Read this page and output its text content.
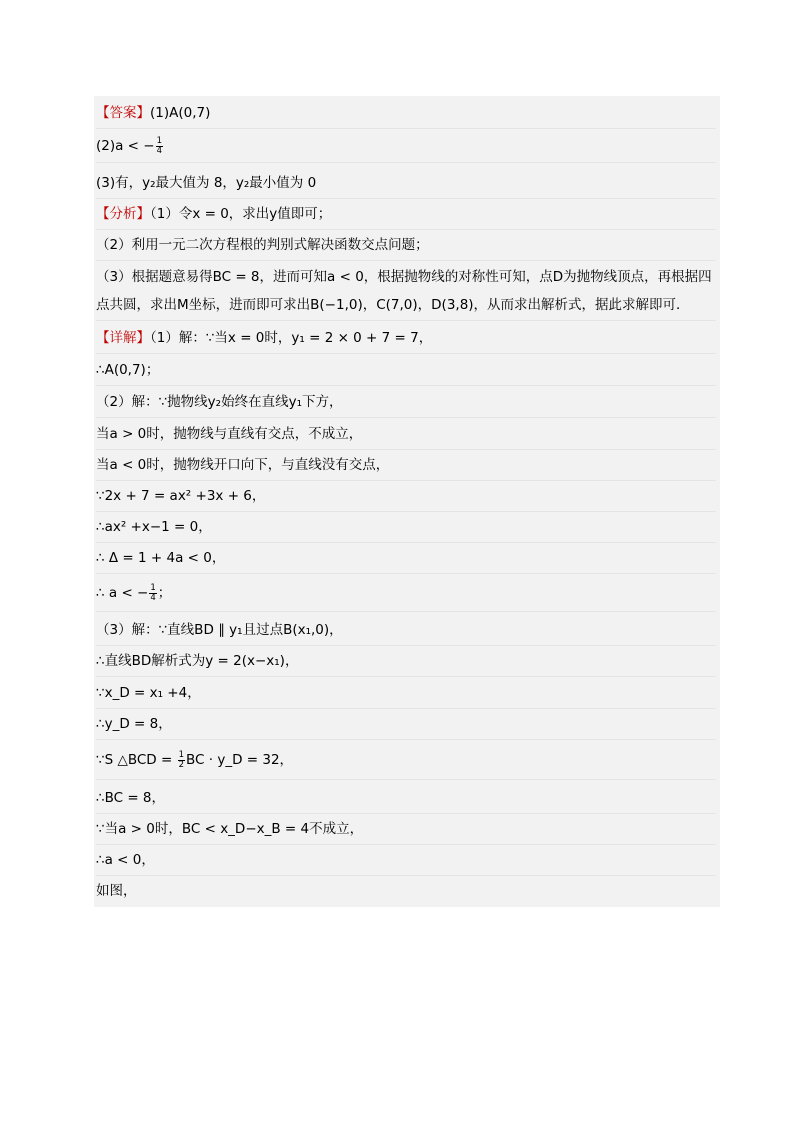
【答案】(1)A(0,7)
(2)a < − $\frac{1}{4}$
(3)有，y₂最大值为 8，y₂最小值为 0
【分析】（1）令x = 0，求出y值即可；
（2）利用一元二次方程根的判别式解决函数交点问题；
（3）根据题意易得BC = 8，进而可知a < 0，根据抛物线的对称性可知，点D为抛物线顶点，再根据四
点共圆，求出M坐标，进而即可求出B(−1,0)，C(7,0)，D(3,8)，从而求出解析式，据此求解即可．
【详解】（1）解：∵当x = 0时，y₁ = 2 × 0 + 7 = 7，
∴A(0,7)；
（2）解：∵抛物线y₂始终在直线y₁下方，
当a > 0时，抛物线与直线有交点，不成立，
当a < 0时，抛物线开口向下，与直线没有交点，
∵2x + 7 = ax² +3x + 6，
∴ax² +x−1 = 0，
∴ Δ = 1 + 4a < 0，
∴ a < − $\frac{1}{4}$ ；
（3）解：∵直线BD ∥ y₁且过点B(x₁,0)，
∴直线BD解析式为y = 2(x−x₁)，
∵x_D = x₁ +4，
∴y_D = 8，
∵S △BCD = $\frac{1}{2}$ BC · y_D = 32，
∴BC = 8，
∵当a > 0时，BC < x_D−x_B = 4不成立，
∴a < 0，
如图，
